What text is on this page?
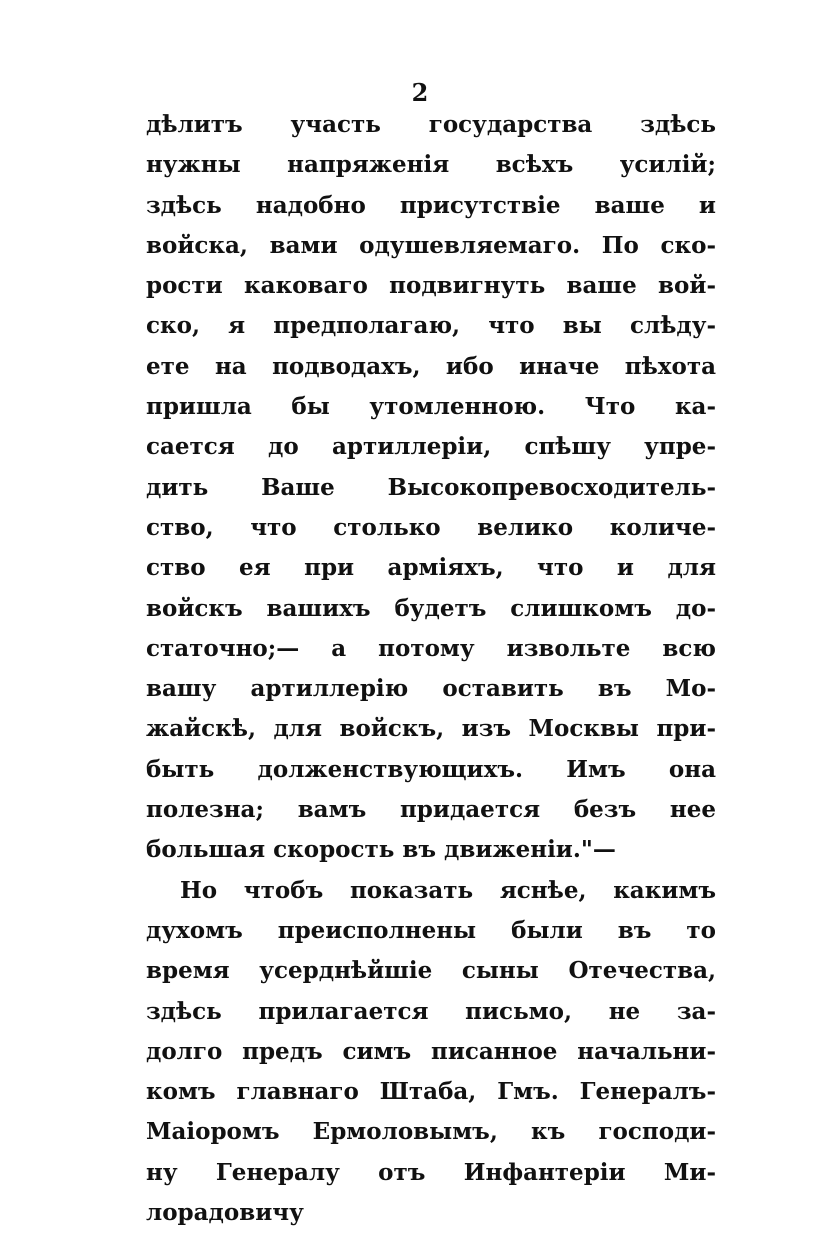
2
дѣлитъ участь государства здѣсь
нужны напряженія всѣхъ усилій;
здѣсь надобно присутствіе ваше и
войска, вами одушевляемаго. По ско-
рости каковаго подвигнуть ваше вой-
ско, я предполагаю, что вы слѣду-
ете на подводахъ, ибо иначе пѣхота
пришла бы утомленною. Что ка-
сается до артиллеріи, спѣшу упре-
дить Ваше Высокопревосходитель-
ство, что столько велико количе-
ство ея при арміяхъ, что и для
войскъ вашихъ будетъ слишкомъ до-
статочно;— а потому извольте всю
вашу артиллерію оставить въ Мо-
жайскѣ, для войскъ, изъ Москвы при-
быть долженствующихъ. Имъ она
полезна; вамъ придается безъ нее
большая скорость въ движеніи."—
Но чтобъ показать яснѣе, какимъ
духомъ преисполнены были въ то
время усерднѣйшіе сыны Отечества,
здѣсь прилагается письмо, не за-
долго предъ симъ писанное начальни-
комъ главнаго Штаба, Гмъ. Генералъ-
Маіоромъ Ермоловымъ, къ господи-
ну Генералу отъ Инфантеріи Ми-
лорадовичу
